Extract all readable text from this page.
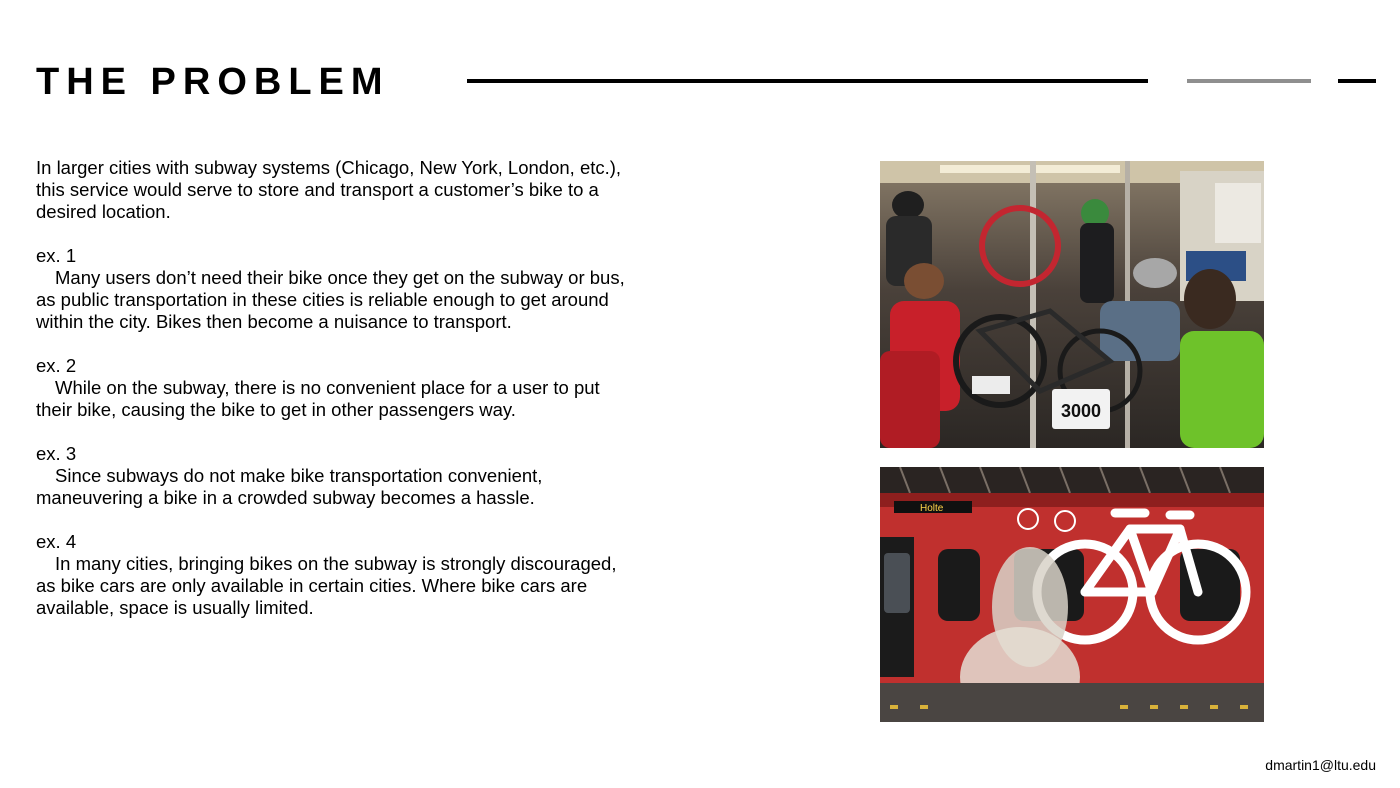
THE PROBLEM

In larger cities with subway systems (Chicago, New York, London, etc.), this service would serve to store and transport a customer’s bike to a desired location.

ex. 1

Many users don’t need their bike once they get on the subway or bus, as public transportation in these cities is reliable enough to get around within the city. Bikes then become a nuisance to transport.

ex. 2

While on the subway, there is no convenient place for a user to put their bike, causing the bike to get in other passengers way.

ex. 3

Since subways do not make bike transportation convenient, maneuvering a bike in a crowded subway becomes a hassle.

ex. 4

In many cities, bringing bikes on the subway is strongly discouraged, as bike cars are only available in certain cities. Where bike cars are available, space is usually limited.

3000
Holte
dmartin1@ltu.edu
